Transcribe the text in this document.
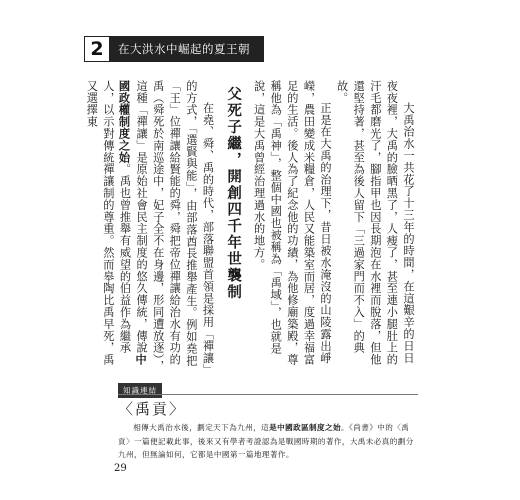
2	在大洪水中崛起的夏王朝

大禹治水一共花了十三年的時間，在這艱辛的日日夜夜裡，大禹的臉晒黑了，人瘦了，甚至連小腿肚上的汗毛都磨光了，腳指甲也因長期泡在水裡而脫落，但他還堅持著，甚至為後人留下「三過家門而不入」的典故。

正是在大禹的治理下，昔日被水淹沒的山陵露出崢嶸，農田變成米糧倉，人民又能築室而居，度過幸福富足的生活。後人為了紀念他的功績，為他修廟築殿，尊稱他為「禹神」，整個中國也被稱為「禹域」，也就是說，這是大禹曾經治理過水的地方。

父死子繼，開創四千年世襲制

在堯、舜、禹的時代，部落聯盟首領是採用「禪讓」的方式，「選賢與能」，由部落酋長推舉產生。例如堯把「王」位禪讓給賢能的舜，舜把帝位禪讓給治水有功的禹（舜死於南巡途中，妃子全不在身邊，形同遭放逐），這種「禪讓」是原始社會民主制度的悠久傳統，傳說中國政權制度之始。禹也曾推舉有威望的伯益作為繼承人，以示對傳統禪讓制的尊重。然而皋陶比禹早死，禹又選擇東

知識連結
〈禹貢〉

相傳大禹治水後，劃定天下為九州，這是中國政區制度之始。《尚書》中的〈禹貢〉一篇便記載此事，後來又有學者考證認為是戰國時期的著作，大禹未必真的劃分九州，但無論如何，它都是中國第一篇地理著作。

29
